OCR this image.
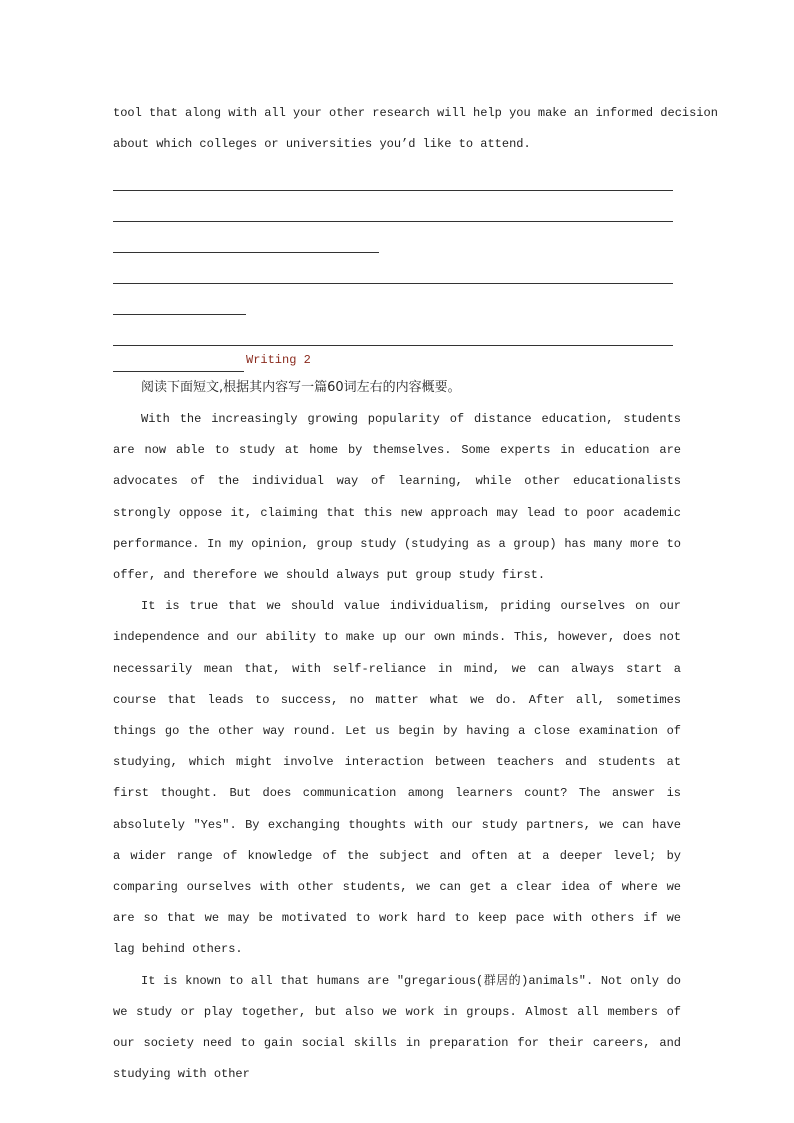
tool that along with all your other research will help you make an informed decision
about which colleges or universities you’d like to attend.
Writing 2

阅读下面短文,根据其内容写一篇60词左右的内容概要。

With the increasingly growing popularity of distance education, students are now able to study at home by themselves. Some experts in education are advocates of the individual way of learning, while other educationalists strongly oppose it, claiming that this new approach may lead to poor academic performance. In my opinion, group study (studying as a group) has many more to offer, and therefore we should always put group study first.

It is true that we should value individualism, priding ourselves on our independence and our ability to make up our own minds. This, however, does not necessarily mean that, with self-reliance in mind, we can always start a course that leads to success, no matter what we do. After all, sometimes things go the other way round. Let us begin by having a close examination of studying, which might involve interaction between teachers and students at first thought. But does communication among learners count? The answer is absolutely ″Yes″. By exchanging thoughts with our study partners, we can have a wider range of knowledge of the subject and often at a deeper level; by comparing ourselves with other students, we can get a clear idea of where we are so that we may be motivated to work hard to keep pace with others if we lag behind others.

It is known to all that humans are ″gregarious(群居的)animals″. Not only do we study or play together, but also we work in groups. Almost all members of our society need to gain social skills in preparation for their careers, and studying with other
